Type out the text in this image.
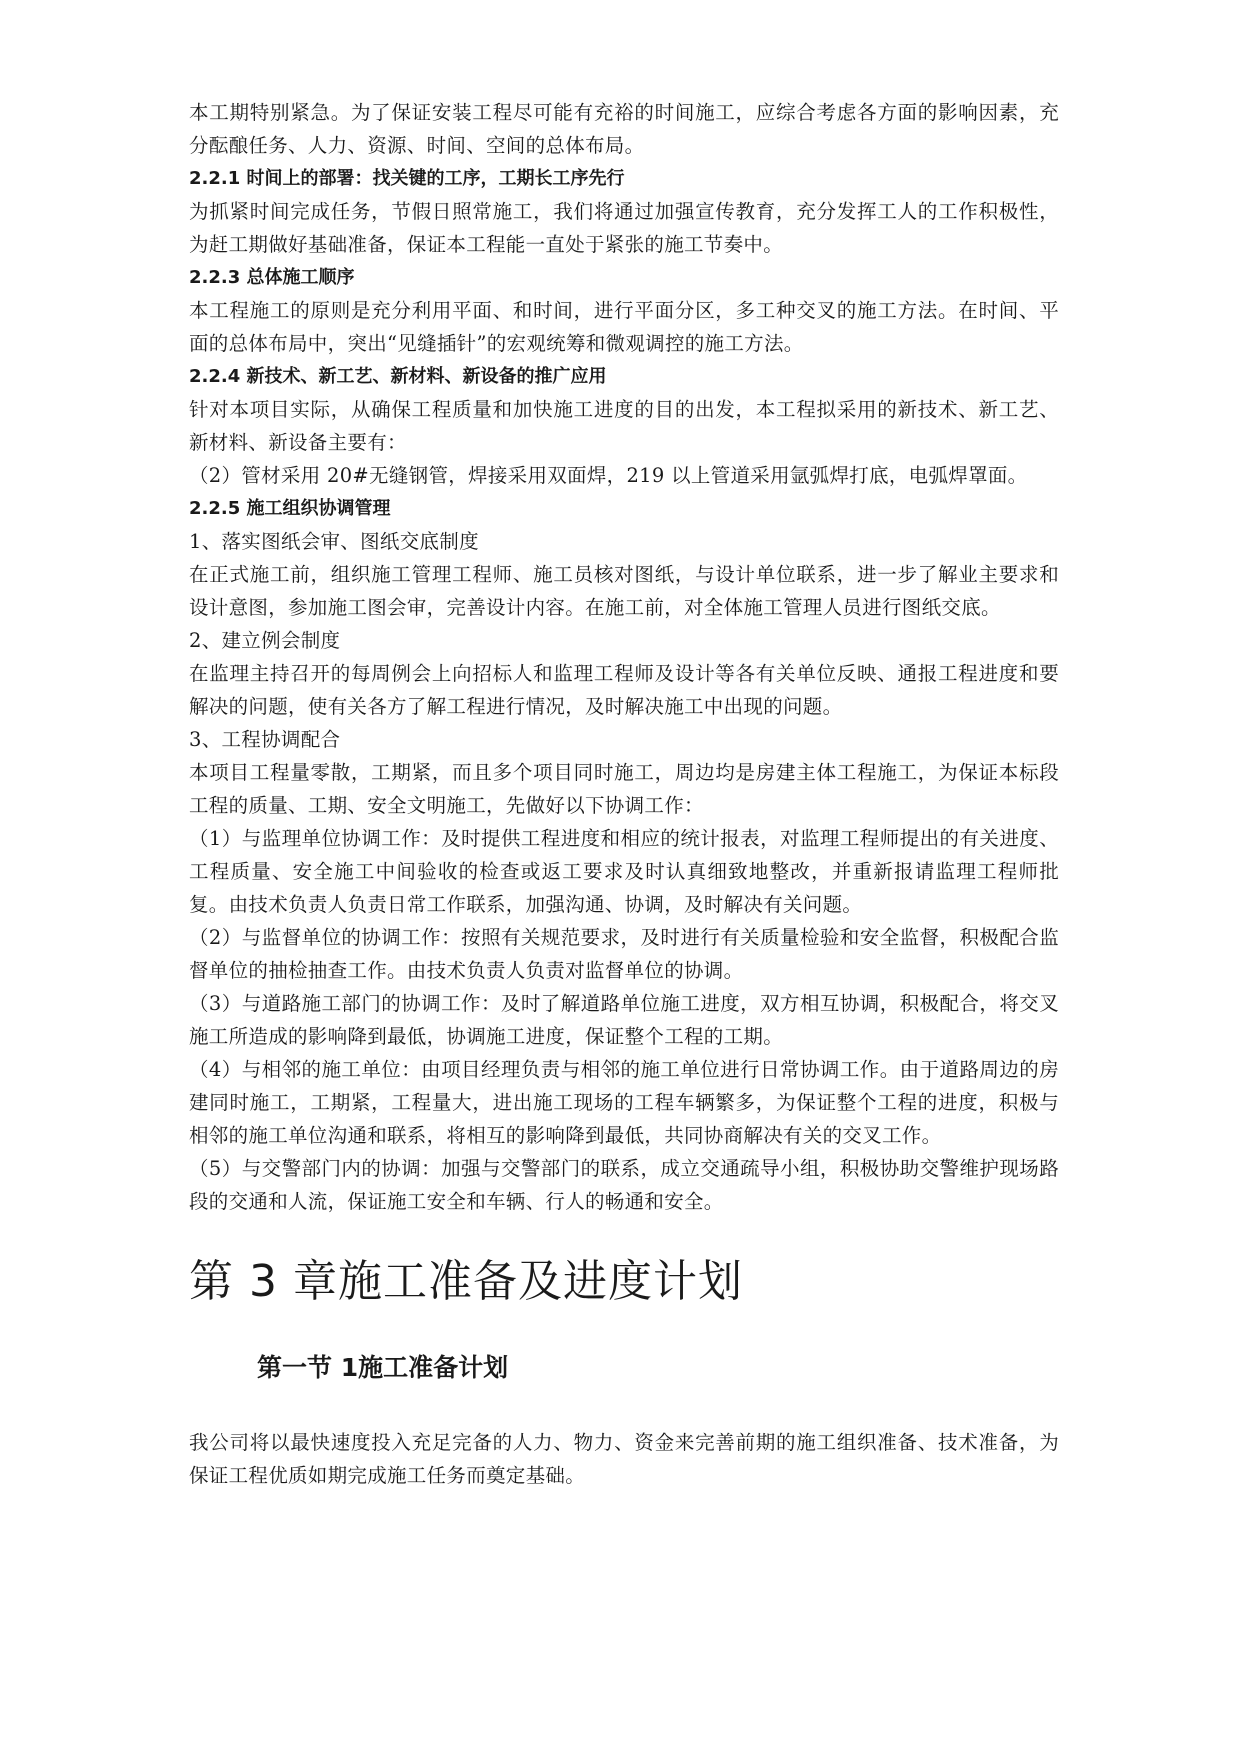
本工期特别紧急。为了保证安装工程尽可能有充裕的时间施工，应综合考虑各方面的影响因素，充分酝酿任务、人力、资源、时间、空间的总体布局。

2.2.1 时间上的部署：找关键的工序，工期长工序先行

为抓紧时间完成任务，节假日照常施工，我们将通过加强宣传教育，充分发挥工人的工作积极性，为赶工期做好基础准备，保证本工程能一直处于紧张的施工节奏中。

2.2.3 总体施工顺序

本工程施工的原则是充分利用平面、和时间，进行平面分区，多工种交叉的施工方法。在时间、平面的总体布局中，突出“见缝插针”的宏观统筹和微观调控的施工方法。

2.2.4 新技术、新工艺、新材料、新设备的推广应用

针对本项目实际，从确保工程质量和加快施工进度的目的出发，本工程拟采用的新技术、新工艺、新材料、新设备主要有：

（2）管材采用 20#无缝钢管，焊接采用双面焊，219 以上管道采用氩弧焊打底，电弧焊罩面。

2.2.5 施工组织协调管理

1、落实图纸会审、图纸交底制度

在正式施工前，组织施工管理工程师、施工员核对图纸，与设计单位联系，进一步了解业主要求和设计意图，参加施工图会审，完善设计内容。在施工前，对全体施工管理人员进行图纸交底。

2、建立例会制度

在监理主持召开的每周例会上向招标人和监理工程师及设计等各有关单位反映、通报工程进度和要解决的问题，使有关各方了解工程进行情况，及时解决施工中出现的问题。

3、工程协调配合

本项目工程量零散，工期紧，而且多个项目同时施工，周边均是房建主体工程施工，为保证本标段工程的质量、工期、安全文明施工，先做好以下协调工作：

（1）与监理单位协调工作：及时提供工程进度和相应的统计报表，对监理工程师提出的有关进度、工程质量、安全施工中间验收的检查或返工要求及时认真细致地整改，并重新报请监理工程师批复。由技术负责人负责日常工作联系，加强沟通、协调，及时解决有关问题。

（2）与监督单位的协调工作：按照有关规范要求，及时进行有关质量检验和安全监督，积极配合监督单位的抽检抽查工作。由技术负责人负责对监督单位的协调。

（3）与道路施工部门的协调工作：及时了解道路单位施工进度，双方相互协调，积极配合，将交叉施工所造成的影响降到最低，协调施工进度，保证整个工程的工期。

（4）与相邻的施工单位：由项目经理负责与相邻的施工单位进行日常协调工作。由于道路周边的房建同时施工，工期紧，工程量大，进出施工现场的工程车辆繁多，为保证整个工程的进度，积极与相邻的施工单位沟通和联系，将相互的影响降到最低，共同协商解决有关的交叉工作。

（5）与交警部门内的协调：加强与交警部门的联系，成立交通疏导小组，积极协助交警维护现场路段的交通和人流，保证施工安全和车辆、行人的畅通和安全。

第 3 章施工准备及进度计划
第一节 1施工准备计划

我公司将以最快速度投入充足完备的人力、物力、资金来完善前期的施工组织准备、技术准备，为保证工程优质如期完成施工任务而奠定基础。
